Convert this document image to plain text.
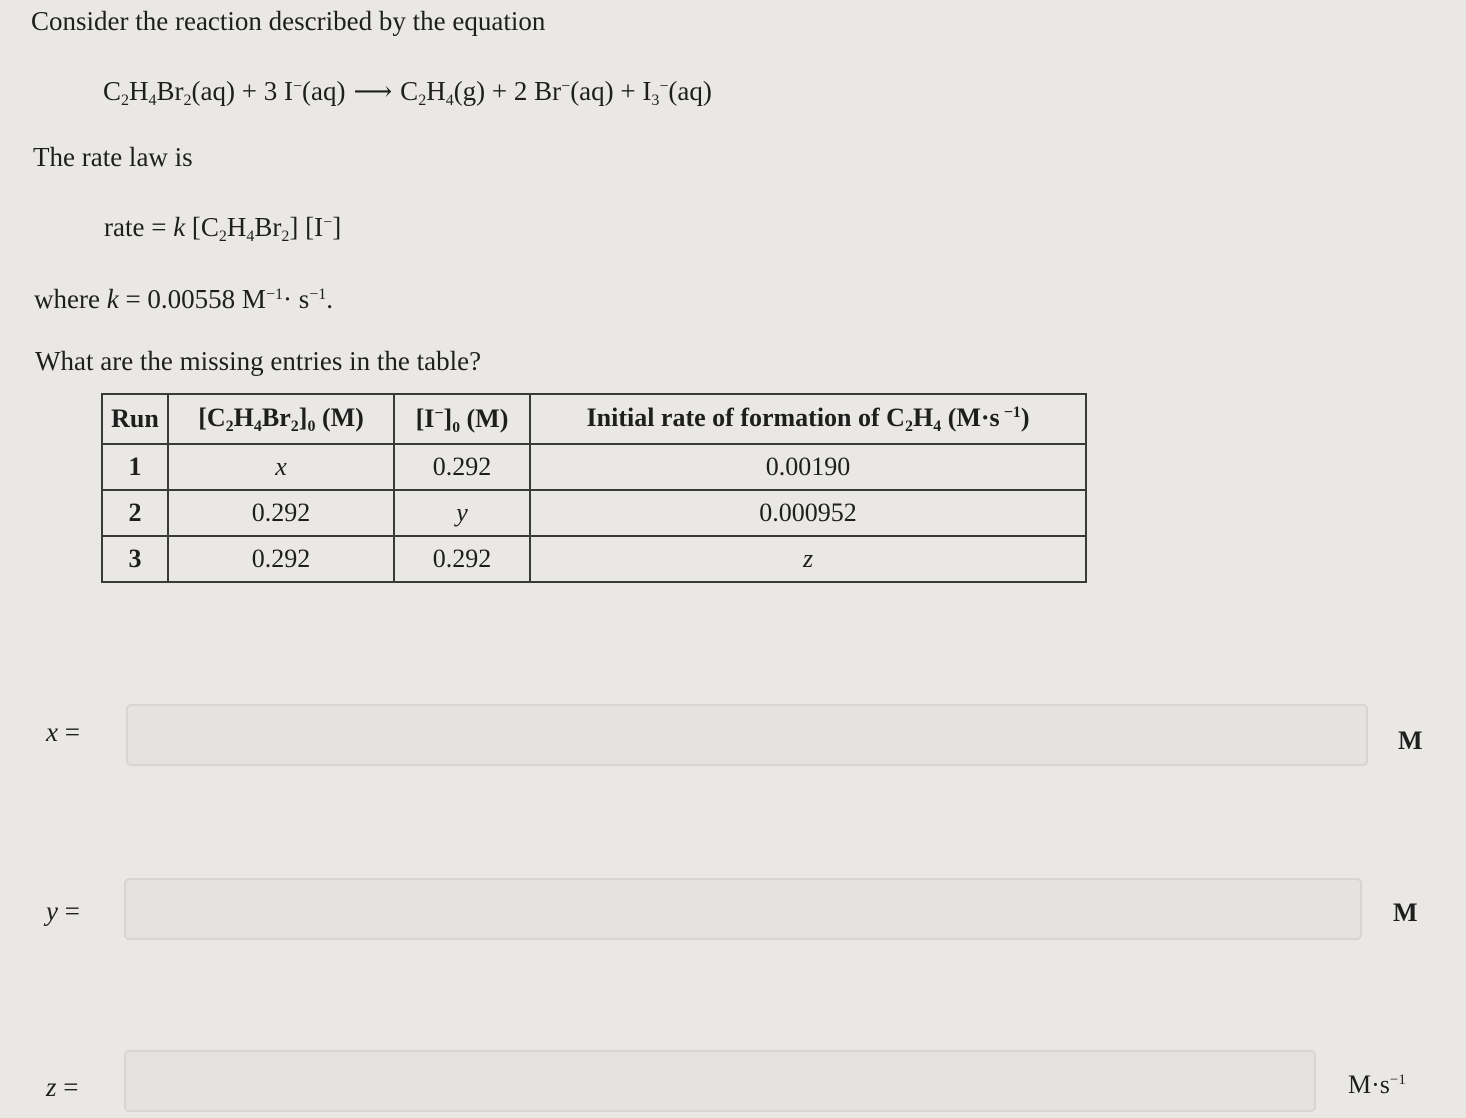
Consider the reaction described by the equation
$C_2H_4Br_2(aq) + 3$ I−(aq) ⟶ $C_2H_4(g) + 2$ $Br^-(aq) + I_3^-(aq)$
The rate law is
rate = k $[C_2H_4Br_2]$ [I−]
where k = 0.00558 $M^{-1}\cdot s^{-1}$.
What are the missing entries in the table?
Run	$[C_2H_4Br_2]_0$ (M)	[I−]₀ (M)	Initial rate of formation of $C_2H_4$ (M·s $^{-1}$)
1	x	0.292	0.00190
2	0.292	y	0.000952
3	0.292	0.292	z
x =	M
y =	M
z =	$M\cdot s^{-1}$
